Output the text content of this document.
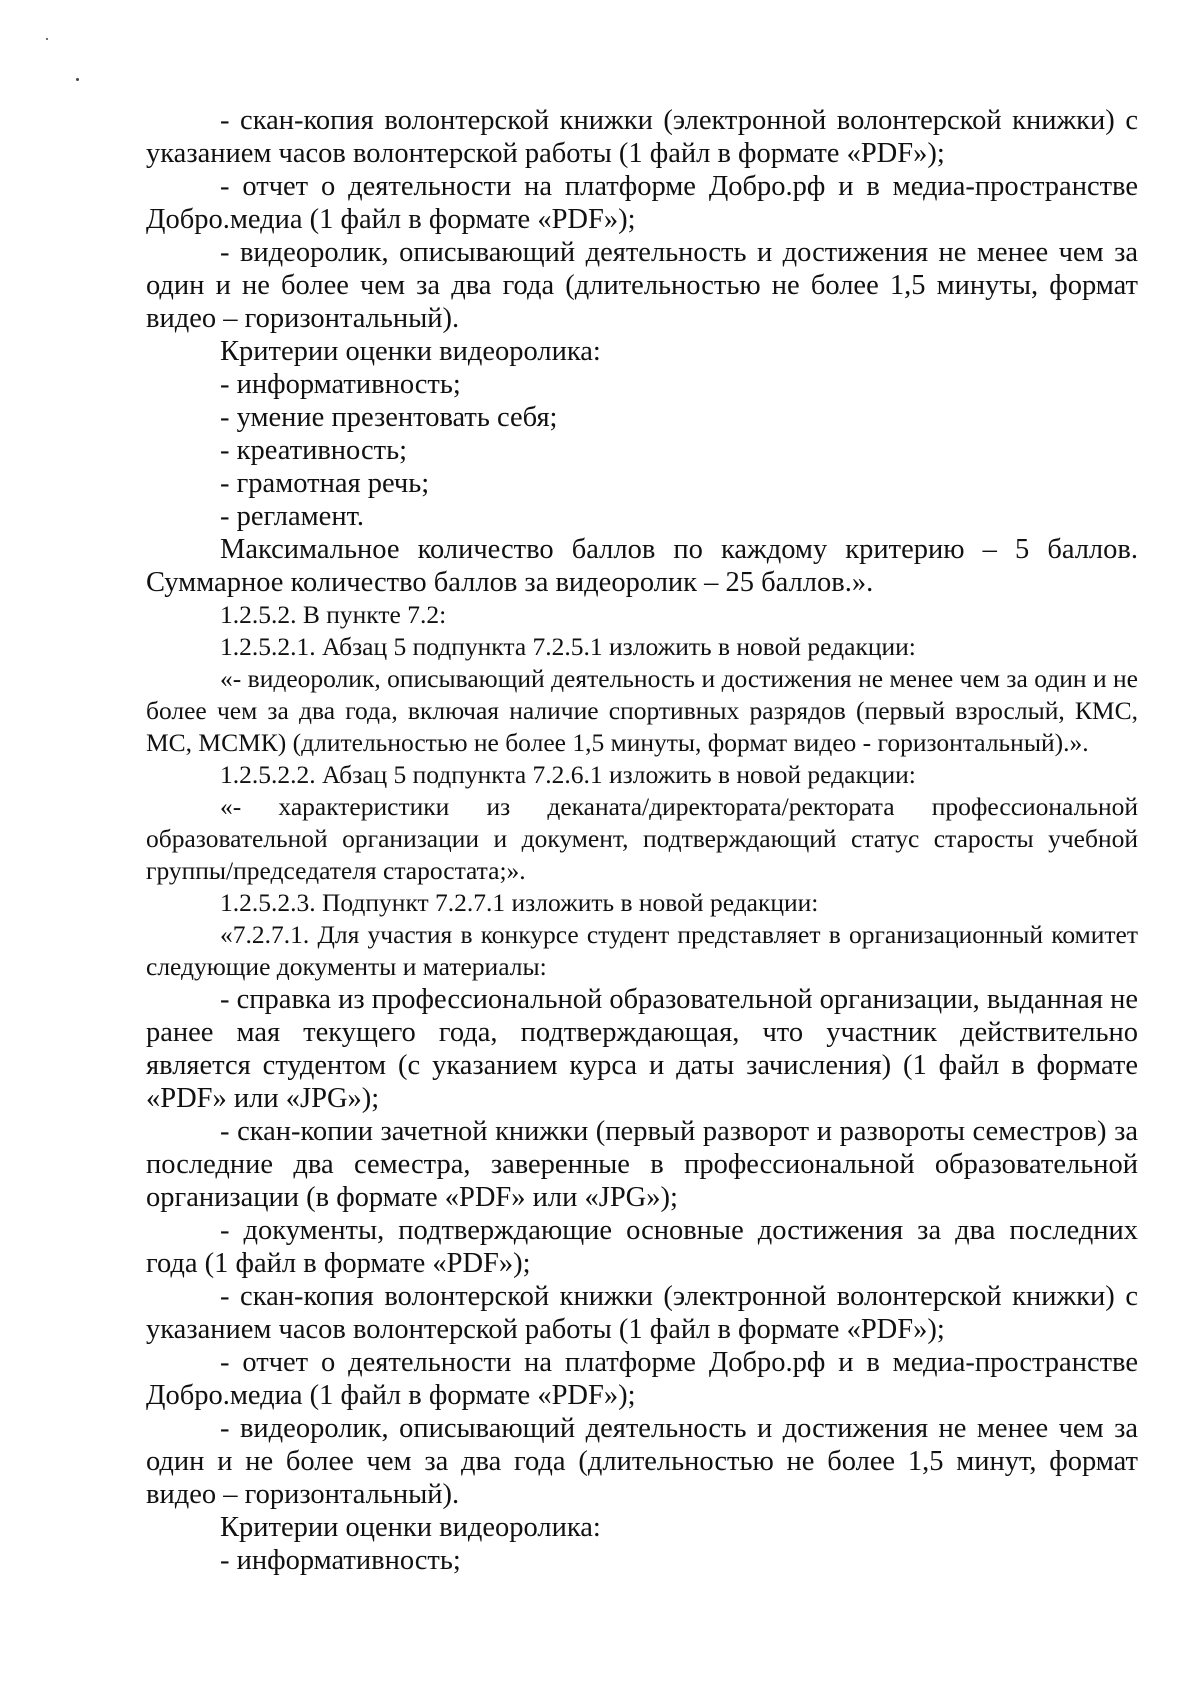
- скан-копия волонтерской книжки (электронной волонтерской книжки) с указанием часов волонтерской работы (1 файл в формате «PDF»);

- отчет о деятельности на платформе Добро.рф и в медиа-пространстве Добро.медиа (1 файл в формате «PDF»);

- видеоролик, описывающий деятельность и достижения не менее чем за один и не более чем за два года (длительностью не более 1,5 минуты, формат видео – горизонтальный).

Критерии оценки видеоролика:

- информативность;

- умение презентовать себя;

- креативность;

- грамотная речь;

- регламент.

Максимальное количество баллов по каждому критерию – 5 баллов. Суммарное количество баллов за видеоролик – 25 баллов.».

1.2.5.2. В пункте 7.2:

1.2.5.2.1. Абзац 5 подпункта 7.2.5.1 изложить в новой редакции:

«- видеоролик, описывающий деятельность и достижения не менее чем за один и не более чем за два года, включая наличие спортивных разрядов (первый взрослый, КМС, МС, МСМК) (длительностью не более 1,5 минуты, формат видео - горизонтальный).».

1.2.5.2.2. Абзац 5 подпункта 7.2.6.1 изложить в новой редакции:

«- характеристики из деканата/директората/ректората профессиональной образовательной организации и документ, подтверждающий статус старосты учебной группы/председателя старостата;».

1.2.5.2.3. Подпункт 7.2.7.1 изложить в новой редакции:

«7.2.7.1. Для участия в конкурсе студент представляет в организационный комитет следующие документы и материалы:

- справка из профессиональной образовательной организации, выданная не ранее мая текущего года, подтверждающая, что участник действительно является студентом (с указанием курса и даты зачисления) (1 файл в формате «PDF» или «JPG»);

- скан-копии зачетной книжки (первый разворот и развороты семестров) за последние два семестра, заверенные в профессиональной образовательной организации (в формате «PDF» или «JPG»);

- документы, подтверждающие основные достижения за два последних года (1 файл в формате «PDF»);

- скан-копия волонтерской книжки (электронной волонтерской книжки) с указанием часов волонтерской работы (1 файл в формате «PDF»);

- отчет о деятельности на платформе Добро.рф и в медиа-пространстве Добро.медиа (1 файл в формате «PDF»);

- видеоролик, описывающий деятельность и достижения не менее чем за один и не более чем за два года (длительностью не более 1,5 минут, формат видео – горизонтальный).

Критерии оценки видеоролика:

- информативность;
